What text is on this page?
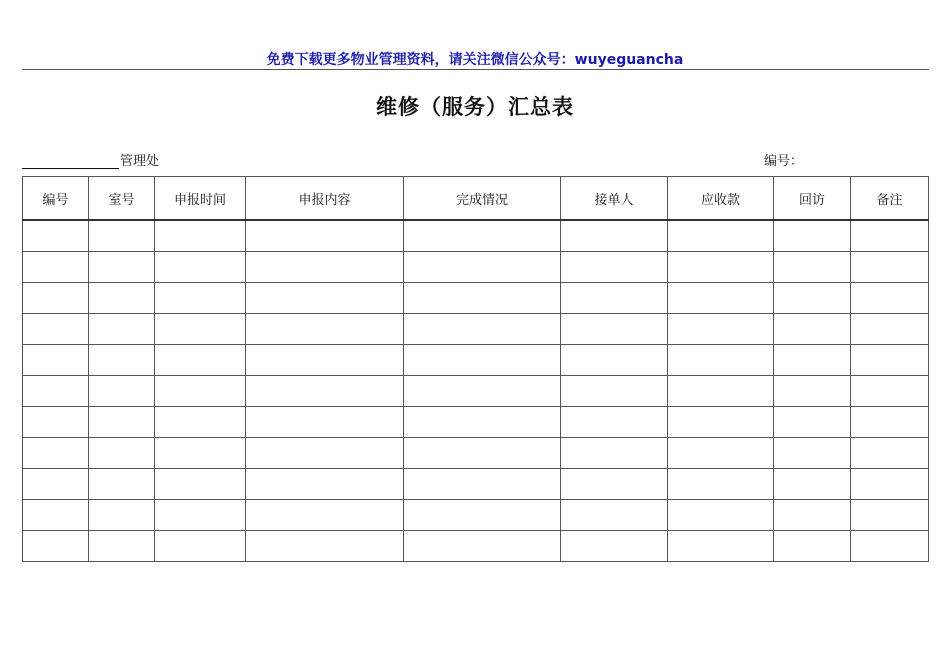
免费下载更多物业管理资料，请关注微信公众号：wuyeguancha
维修（服务）汇总表
管理处	编号：
编号	室号	申报时间	申报内容	完成情况	接单人	应收款	回访	备注
